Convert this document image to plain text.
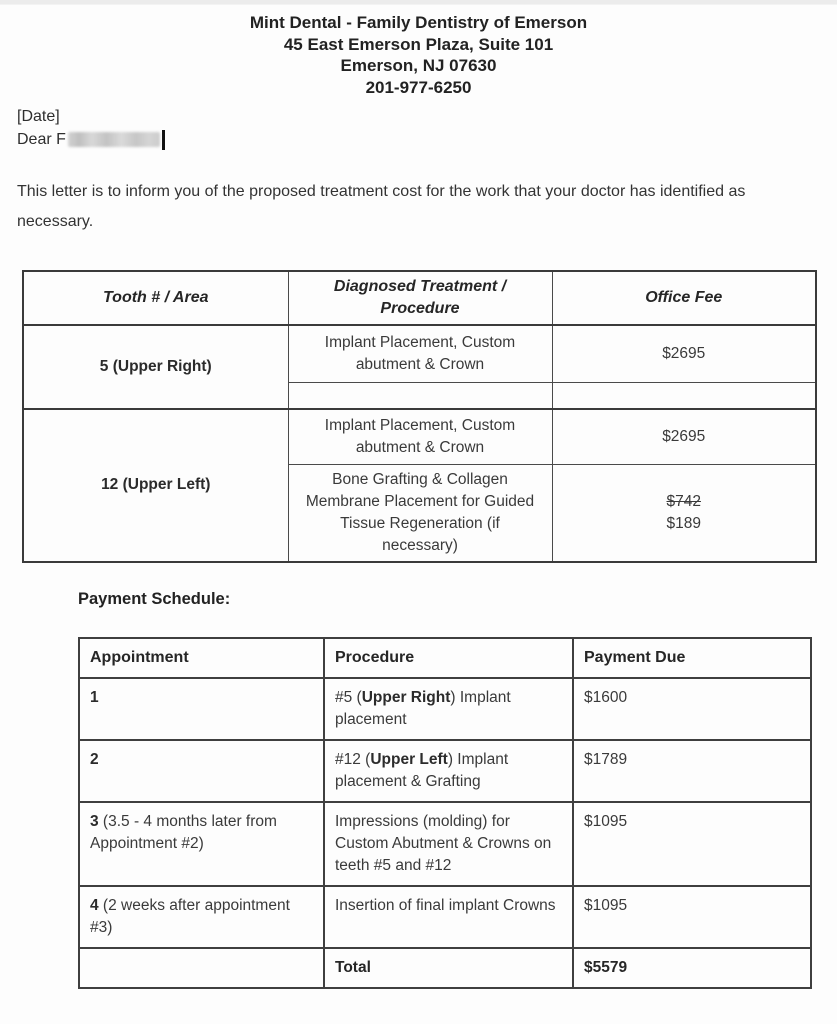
Mint Dental - Family Dentistry of Emerson
45 East Emerson Plaza, Suite 101
Emerson, NJ 07630
201-977-6250
[Date]
Dear F

This letter is to inform you of the proposed treatment cost for the work that your doctor has identified as necessary.

Tooth # / Area	Diagnosed Treatment / Procedure	Office Fee
5 (Upper Right)	Implant Placement, Custom abutment & Crown	$2695

12 (Upper Left)	Implant Placement, Custom abutment & Crown	$2695
	Bone Grafting & Collagen Membrane Placement for Guided Tissue Regeneration (if necessary)	$742
$189
Payment Schedule:
Appointment	Procedure	Payment Due
1	#5 (Upper Right) Implant placement	$1600
2	#12 (Upper Left) Implant placement & Grafting	$1789
3 (3.5 - 4 months later from Appointment #2)	Impressions (molding) for Custom Abutment & Crowns on teeth #5 and #12	$1095
4 (2 weeks after appointment #3)	Insertion of final implant Crowns	$1095
	Total	$5579
